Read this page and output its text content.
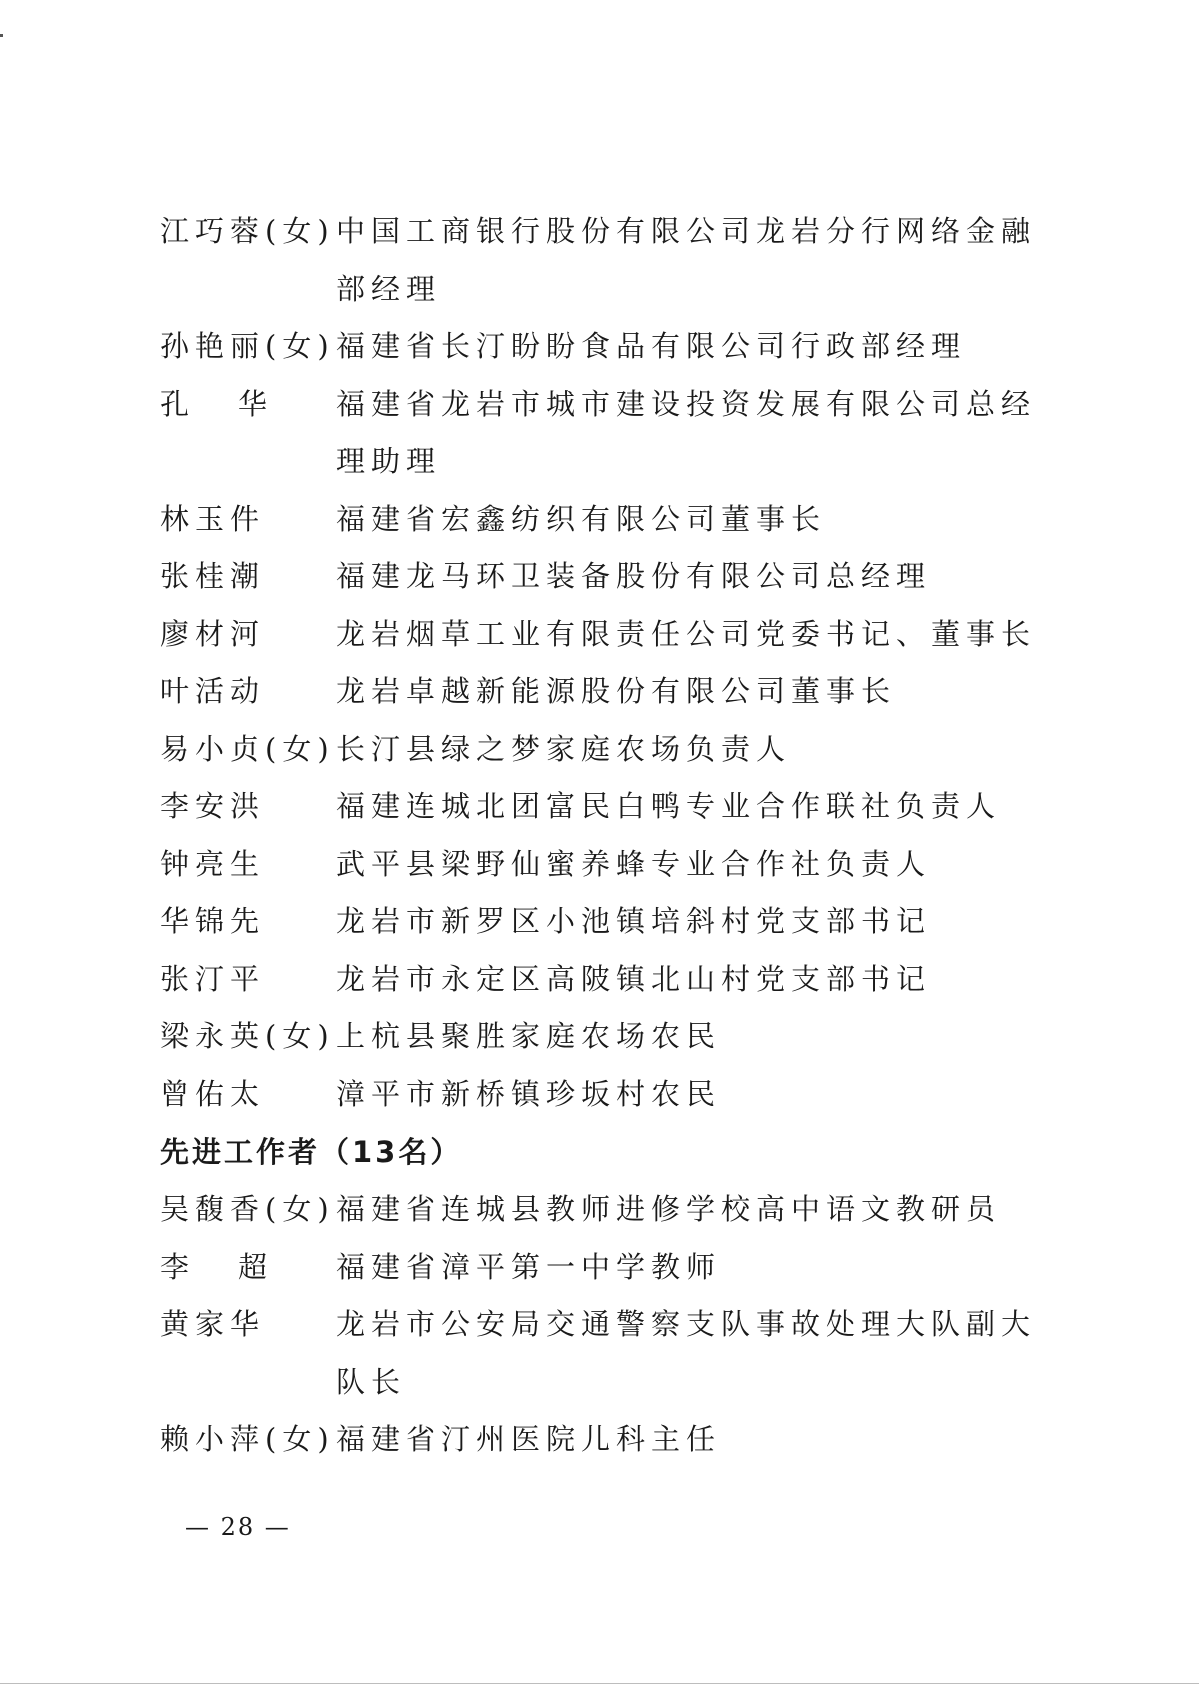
江巧蓉(女) 中国工商银行股份有限公司龙岩分行网络金融部经理
孙艳丽(女) 福建省长汀盼盼食品有限公司行政部经理
孔华 福建省龙岩市城市建设投资发展有限公司总经理助理
林玉件	福建省宏鑫纺织有限公司董事长
张桂潮	福建龙马环卫装备股份有限公司总经理
廖材河	龙岩烟草工业有限责任公司党委书记、董事长
叶活动	龙岩卓越新能源股份有限公司董事长
易小贞(女) 长汀县绿之梦家庭农场负责人
李安洪	福建连城北团富民白鸭专业合作联社负责人
钟亮生	武平县梁野仙蜜养蜂专业合作社负责人
华锦先	龙岩市新罗区小池镇培斜村党支部书记
张汀平	龙岩市永定区高陂镇北山村党支部书记
梁永英(女) 上杭县聚胜家庭农场农民
曾佑太	漳平市新桥镇珍坂村农民
先进工作者（13名）
吴馥香(女) 福建省连城县教师进修学校高中语文教研员
李超 福建省漳平第一中学教师
黄家华	龙岩市公安局交通警察支队事故处理大队副大队长
赖小萍(女) 福建省汀州医院儿科主任
— 28 —
